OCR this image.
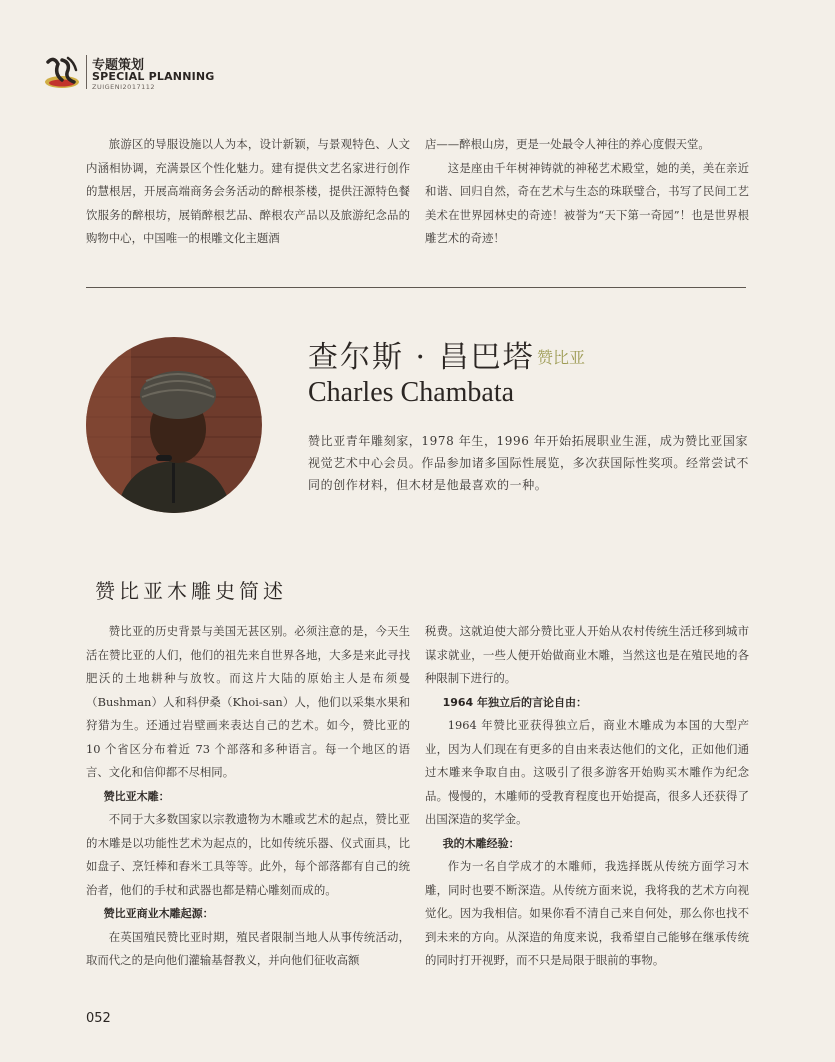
专题策划
SPECIAL PLANNING
ZUIGENI2017112

旅游区的导服设施以人为本，设计新颖，与景观特色、人文内涵相协调，充满景区个性化魅力。建有提供文艺名家进行创作的慧根居，开展高端商务会务活动的醉根茶楼，提供汪源特色餐饮服务的醉根坊，展销醉根艺品、醉根农产品以及旅游纪念品的购物中心，中国唯一的根雕文化主题酒

店——醉根山房，更是一处最令人神往的养心度假天堂。

这是座由千年树神铸就的神秘艺术殿堂，她的美，美在亲近和谐、回归自然，奇在艺术与生态的珠联璧合，书写了民间工艺美术在世界园林史的奇迹！被誉为“天下第一奇园”！也是世界根雕艺术的奇迹！

查尔斯 · 昌巴塔 赞比亚
Charles Chambata
赞比亚青年雕刻家，1978 年生，1996 年开始拓展职业生涯，成为赞比亚国家视觉艺术中心会员。作品参加诸多国际性展览，多次获国际性奖项。经常尝试不同的创作材料，但木材是他最喜欢的一种。
赞比亚木雕史简述

赞比亚的历史背景与美国无甚区别。必须注意的是，今天生活在赞比亚的人们，他们的祖先来自世界各地，大多是来此寻找肥沃的土地耕种与放牧。而这片大陆的原始主人是布须曼（Bushman）人和科伊桑（Khoi-san）人，他们以采集水果和狩猎为生。还通过岩壁画来表达自己的艺术。如今，赞比亚的 10 个省区分布着近 73 个部落和多种语言。每一个地区的语言、文化和信仰都不尽相同。

赞比亚木雕：

不同于大多数国家以宗教遗物为木雕或艺术的起点，赞比亚的木雕是以功能性艺术为起点的，比如传统乐器、仪式面具，比如盘子、烹饪棒和舂米工具等等。此外，每个部落都有自己的统治者，他们的手杖和武器也都是精心雕刻而成的。

赞比亚商业木雕起源：

在英国殖民赞比亚时期，殖民者限制当地人从事传统活动，取而代之的是向他们灌输基督教义，并向他们征收高额

税费。这就迫使大部分赞比亚人开始从农村传统生活迁移到城市谋求就业，一些人便开始做商业木雕，当然这也是在殖民地的各种限制下进行的。

1964 年独立后的言论自由：

1964 年赞比亚获得独立后，商业木雕成为本国的大型产业，因为人们现在有更多的自由来表达他们的文化，正如他们通过木雕来争取自由。这吸引了很多游客开始购买木雕作为纪念品。慢慢的，木雕师的受教育程度也开始提高，很多人还获得了出国深造的奖学金。

我的木雕经验：

作为一名自学成才的木雕师，我选择既从传统方面学习木雕，同时也要不断深造。从传统方面来说，我将我的艺术方向视觉化。因为我相信。如果你看不清自己来自何处，那么你也找不到未来的方向。从深造的角度来说，我希望自己能够在继承传统的同时打开视野，而不只是局限于眼前的事物。

052
